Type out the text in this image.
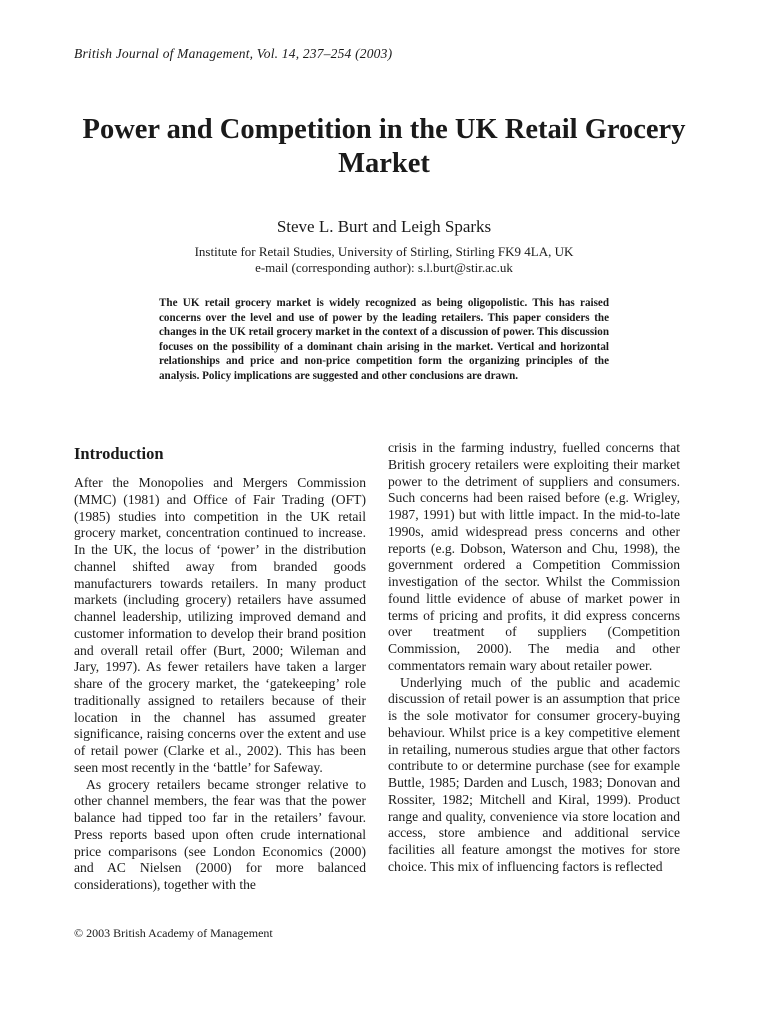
British Journal of Management, Vol. 14, 237–254 (2003)
Power and Competition in the UK Retail Grocery Market
Steve L. Burt and Leigh Sparks
Institute for Retail Studies, University of Stirling, Stirling FK9 4LA, UK
e-mail (corresponding author): s.l.burt@stir.ac.uk

The UK retail grocery market is widely recognized as being oligopolistic. This has raised concerns over the level and use of power by the leading retailers. This paper considers the changes in the UK retail grocery market in the context of a discussion of power. This discussion focuses on the possibility of a dominant chain arising in the market. Vertical and horizontal relationships and price and non-price competition form the organizing principles of the analysis. Policy implications are suggested and other conclusions are drawn.

Introduction

After the Monopolies and Mergers Commission (MMC) (1981) and Office of Fair Trading (OFT) (1985) studies into competition in the UK retail grocery market, concentration continued to increase. In the UK, the locus of ‘power’ in the distribution channel shifted away from branded goods manufacturers towards retailers. In many product markets (including grocery) retailers have assumed channel leadership, utilizing improved demand and customer information to develop their brand position and overall retail offer (Burt, 2000; Wileman and Jary, 1997). As fewer retailers have taken a larger share of the grocery market, the ‘gatekeeping’ role traditionally assigned to retailers because of their location in the channel has assumed greater significance, raising concerns over the extent and use of retail power (Clarke et al., 2002). This has been seen most recently in the ‘battle’ for Safeway.

As grocery retailers became stronger relative to other channel members, the fear was that the power balance had tipped too far in the retailers’ favour. Press reports based upon often crude international price comparisons (see London Economics (2000) and AC Nielsen (2000) for more balanced considerations), together with the

crisis in the farming industry, fuelled concerns that British grocery retailers were exploiting their market power to the detriment of suppliers and consumers. Such concerns had been raised before (e.g. Wrigley, 1987, 1991) but with little impact. In the mid-to-late 1990s, amid widespread press concerns and other reports (e.g. Dobson, Waterson and Chu, 1998), the government ordered a Competition Commission investigation of the sector. Whilst the Commission found little evidence of abuse of market power in terms of pricing and profits, it did express concerns over treatment of suppliers (Competition Commission, 2000). The media and other commentators remain wary about retailer power.

Underlying much of the public and academic discussion of retail power is an assumption that price is the sole motivator for consumer grocery-buying behaviour. Whilst price is a key competitive element in retailing, numerous studies argue that other factors contribute to or determine purchase (see for example Buttle, 1985; Darden and Lusch, 1983; Donovan and Rossiter, 1982; Mitchell and Kiral, 1999). Product range and quality, convenience via store location and access, store ambience and additional service facilities all feature amongst the motives for store choice. This mix of influencing factors is reflected

© 2003 British Academy of Management
